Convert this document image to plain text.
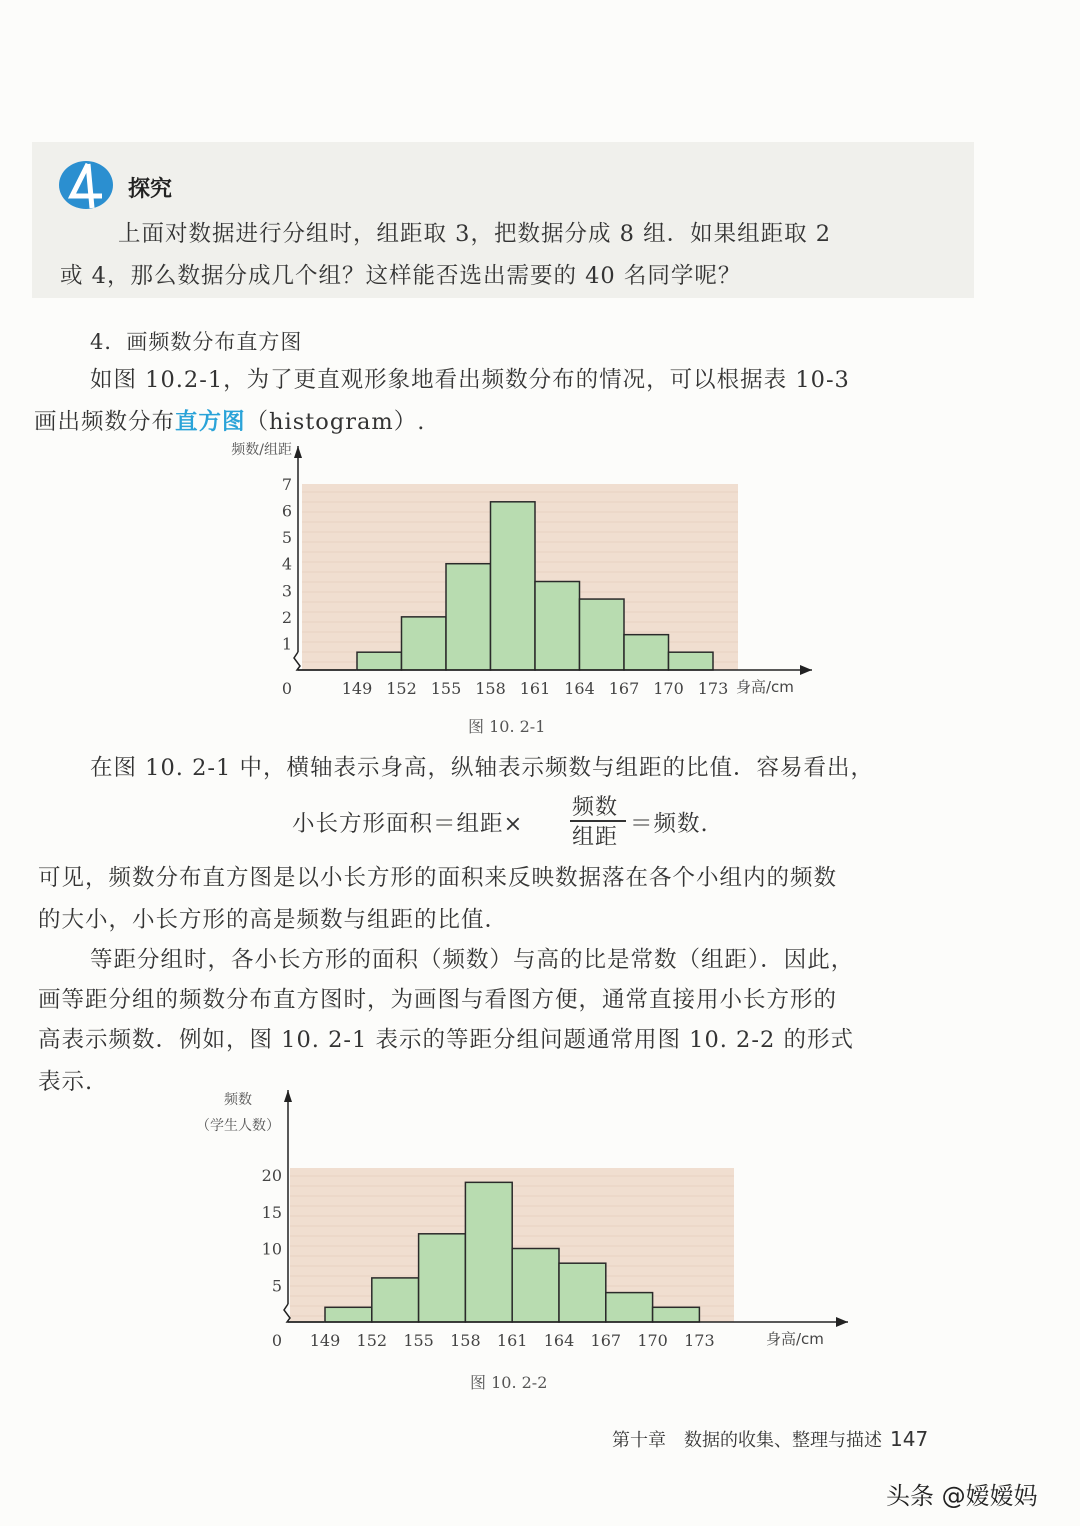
探究
上面对数据进行分组时，组距取 3，把数据分成 8 组．如果组距取 2
或 4，那么数据分成几个组？这样能否选出需要的 40 名同学呢？
4．画频数分布直方图
如图 10.2-1，为了更直观形象地看出频数分布的情况，可以根据表 10-3
画出频数分布直方图（histogram）.
0
1
2
3
4
5
6
7
149 152 155 158 161 164 167 170 173 身高/cm
频数/组距
图 10. 2-1
在图 10. 2-1 中，横轴表示身高，纵轴表示频数与组距的比值．容易看出，
小长方形面积＝组距×
频数
组距
＝频数.
可见，频数分布直方图是以小长方形的面积来反映数据落在各个小组内的频数
的大小，小长方形的高是频数与组距的比值．
等距分组时，各小长方形的面积（频数）与高的比是常数（组距）．因此，
画等距分组的频数分布直方图时，为画图与看图方便，通常直接用小长方形的
高表示频数．例如，图 10. 2-1 表示的等距分组问题通常用图 10. 2-2 的形式
表示.
0
5
10
15
20
149 152 155 158 161 164 167 170 173	身高/cm
频数
（学生人数）
图 10. 2-2
第十章　数据的收集、整理与描述 147
头条 @嫒嫒妈
